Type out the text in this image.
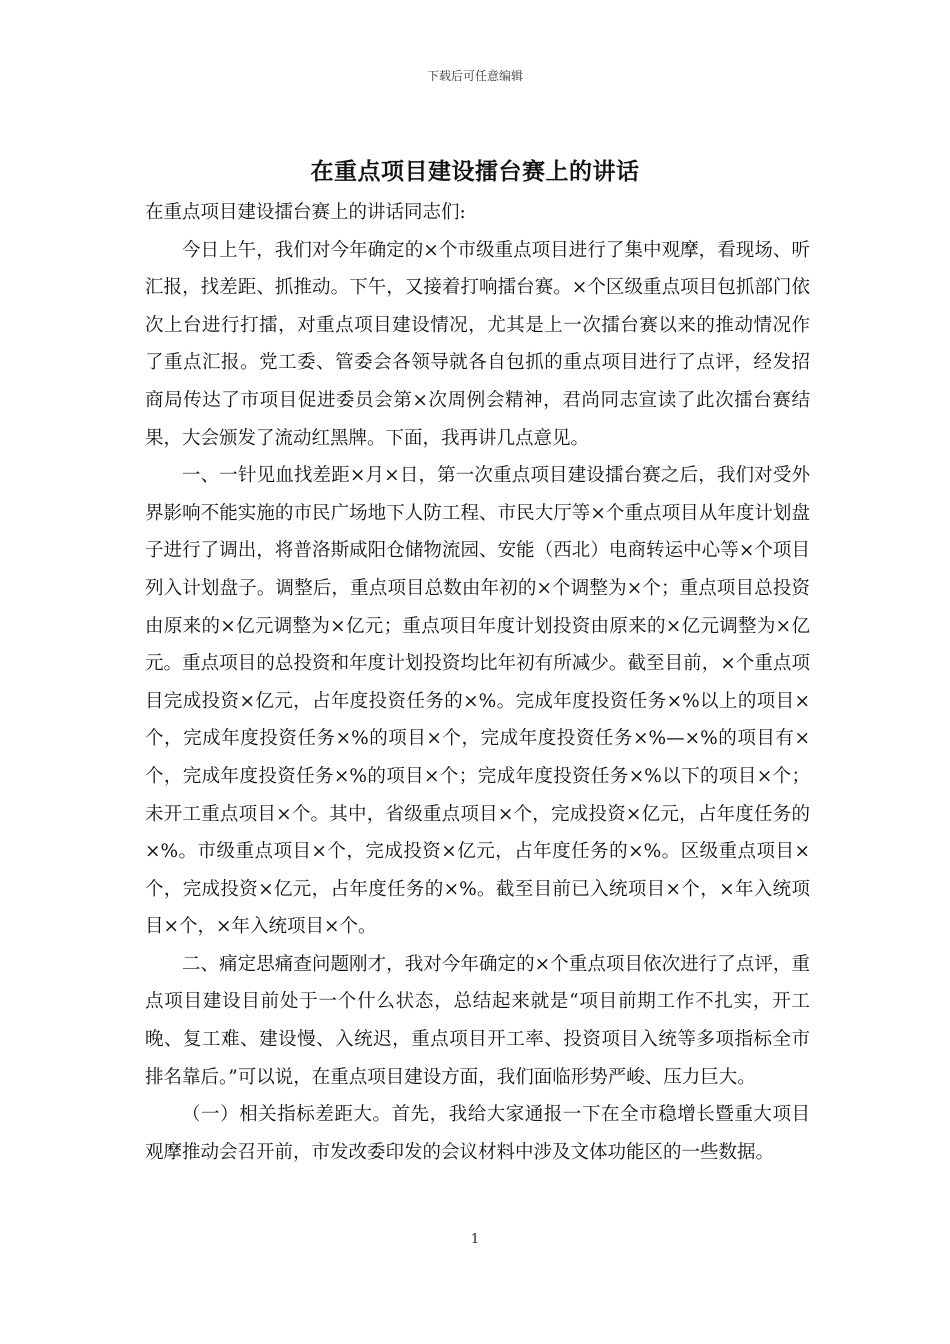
下载后可任意编辑
在重点项目建设擂台赛上的讲话

在重点项目建设擂台赛上的讲话同志们:

今日上午，我们对今年确定的×个市级重点项目进行了集中观摩，看现场、听汇报，找差距、抓推动。下午，又接着打响擂台赛。×个区级重点项目包抓部门依次上台进行打擂，对重点项目建设情况，尤其是上一次擂台赛以来的推动情况作了重点汇报。党工委、管委会各领导就各自包抓的重点项目进行了点评，经发招商局传达了市项目促进委员会第×次周例会精神，君尚同志宣读了此次擂台赛结果，大会颁发了流动红黑牌。下面，我再讲几点意见。

一、一针见血找差距×月×日，第一次重点项目建设擂台赛之后，我们对受外界影响不能实施的市民广场地下人防工程、市民大厅等×个重点项目从年度计划盘子进行了调出，将普洛斯咸阳仓储物流园、安能（西北）电商转运中心等×个项目列入计划盘子。调整后，重点项目总数由年初的×个调整为×个；重点项目总投资由原来的×亿元调整为×亿元；重点项目年度计划投资由原来的×亿元调整为×亿元。重点项目的总投资和年度计划投资均比年初有所减少。截至目前，×个重点项目完成投资×亿元，占年度投资任务的×%。完成年度投资任务×%以上的项目×个，完成年度投资任务×%的项目×个，完成年度投资任务×%—×%的项目有×个，完成年度投资任务×%的项目×个；完成年度投资任务×%以下的项目×个；未开工重点项目×个。其中，省级重点项目×个，完成投资×亿元，占年度任务的×%。市级重点项目×个，完成投资×亿元，占年度任务的×%。区级重点项目×个，完成投资×亿元，占年度任务的×%。截至目前已入统项目×个，×年入统项目×个，×年入统项目×个。

二、痛定思痛查问题刚才，我对今年确定的×个重点项目依次进行了点评，重点项目建设目前处于一个什么状态，总结起来就是“项目前期工作不扎实，开工晚、复工难、建设慢、入统迟，重点项目开工率、投资项目入统等多项指标全市排名靠后。”可以说，在重点项目建设方面，我们面临形势严峻、压力巨大。

（一）相关指标差距大。首先，我给大家通报一下在全市稳增长暨重大项目观摩推动会召开前，市发改委印发的会议材料中涉及文体功能区的一些数据。

1
